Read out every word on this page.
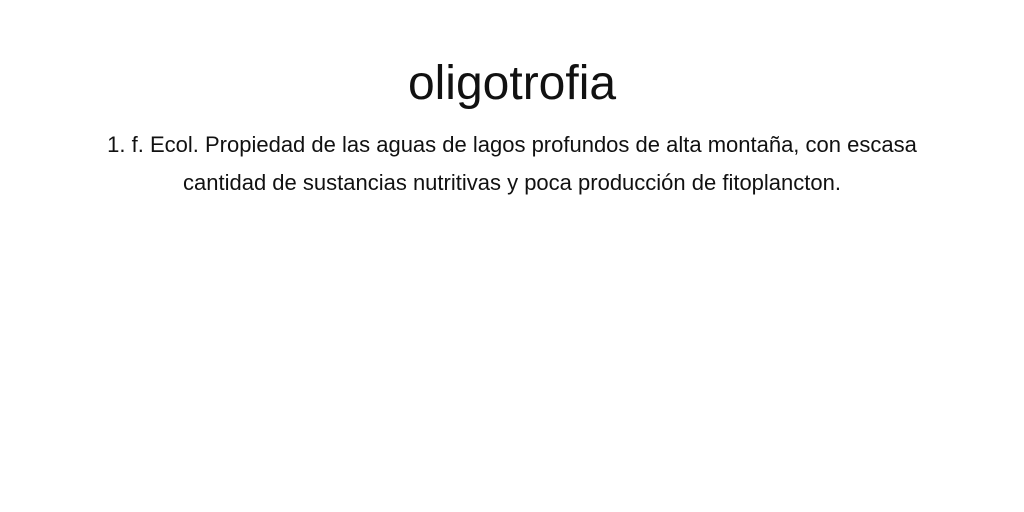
oligotrofia

1. f. Ecol. Propiedad de las aguas de lagos profundos de alta montaña, con escasa cantidad de sustancias nutritivas y poca producción de fitoplancton.
